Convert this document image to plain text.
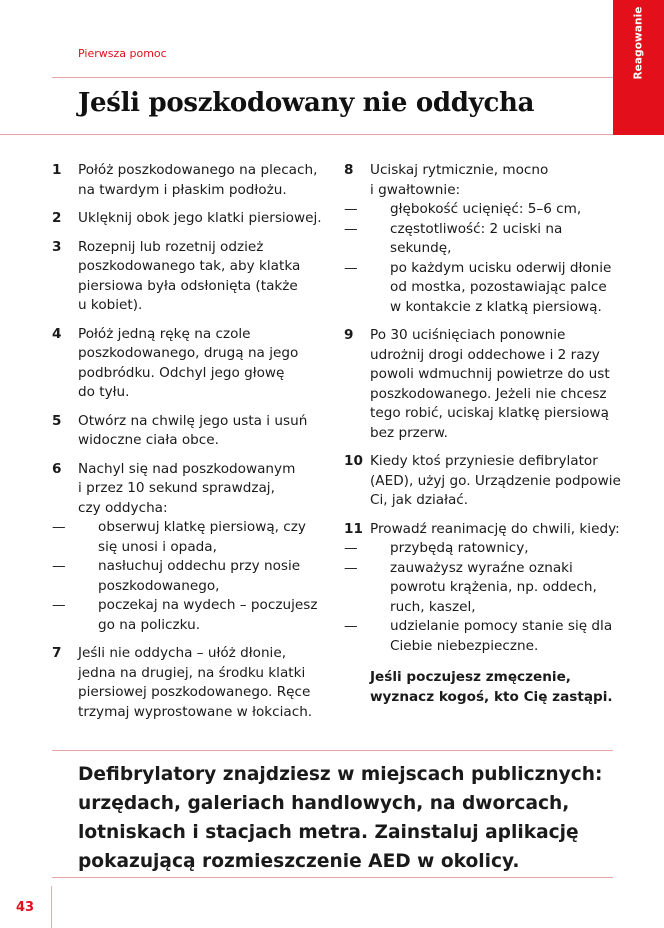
Reagowanie
Pierwsza pomoc
Jeśli poszkodowany nie oddycha
1 Połóż poszkodowanego na plecach,
na twardym i płaskim podłożu.
2 Uklęknij obok jego klatki piersiowej.
3 Rozepnij lub rozetnij odzież
poszkodowanego tak, aby klatka
piersiowa była odsłonięta (także
u kobiet).
4 Połóż jedną rękę na czole
poszkodowanego, drugą na jego
podbródku. Odchyl jego głowę
do tyłu.
5 Otwórz na chwilę jego usta i usuń
widoczne ciała obce.
6 Nachyl się nad poszkodowanym
i przez 10 sekund sprawdzaj,
czy oddycha:
— obserwuj klatkę piersiową, czy
się unosi i opada,
— nasłuchuj oddechu przy nosie
poszkodowanego,
— poczekaj na wydech – poczujesz
go na policzku.
7 Jeśli nie oddycha – ułóż dłonie,
jedna na drugiej, na środku klatki
piersiowej poszkodowanego. Ręce
trzymaj wyprostowane w łokciach.
8 Uciskaj rytmicznie, mocno
i gwałtownie:
— głębokość ucięnięć: 5–6 cm,
— częstotliwość: 2 uciski na
sekundę,
— po każdym ucisku oderwij dłonie
od mostka, pozostawiając palce
w kontakcie z klatką piersiową.
9 Po 30 uciśnięciach ponownie
udrożnij drogi oddechowe i 2 razy
powoli wdmuchnij powietrze do ust
poszkodowanego. Jeżeli nie chcesz
tego robić, uciskaj klatkę piersiową
bez przerw.
10 Kiedy ktoś przyniesie defibrylator
(AED), użyj go. Urządzenie podpowie
Ci, jak działać.
11 Prowadź reanimację do chwili, kiedy:
— przybędą ratownicy,
— zauważysz wyraźne oznaki
powrotu krążenia, np. oddech,
ruch, kaszel,
— udzielanie pomocy stanie się dla
Ciebie niebezpieczne.
Jeśli poczujesz zmęczenie,
wyznacz kogoś, kto Cię zastąpi.
Defibrylatory znajdziesz w miejscach publicznych:
urzędach, galeriach handlowych, na dworcach,
lotniskach i stacjach metra. Zainstaluj aplikację
pokazującą rozmieszczenie AED w okolicy.
43
